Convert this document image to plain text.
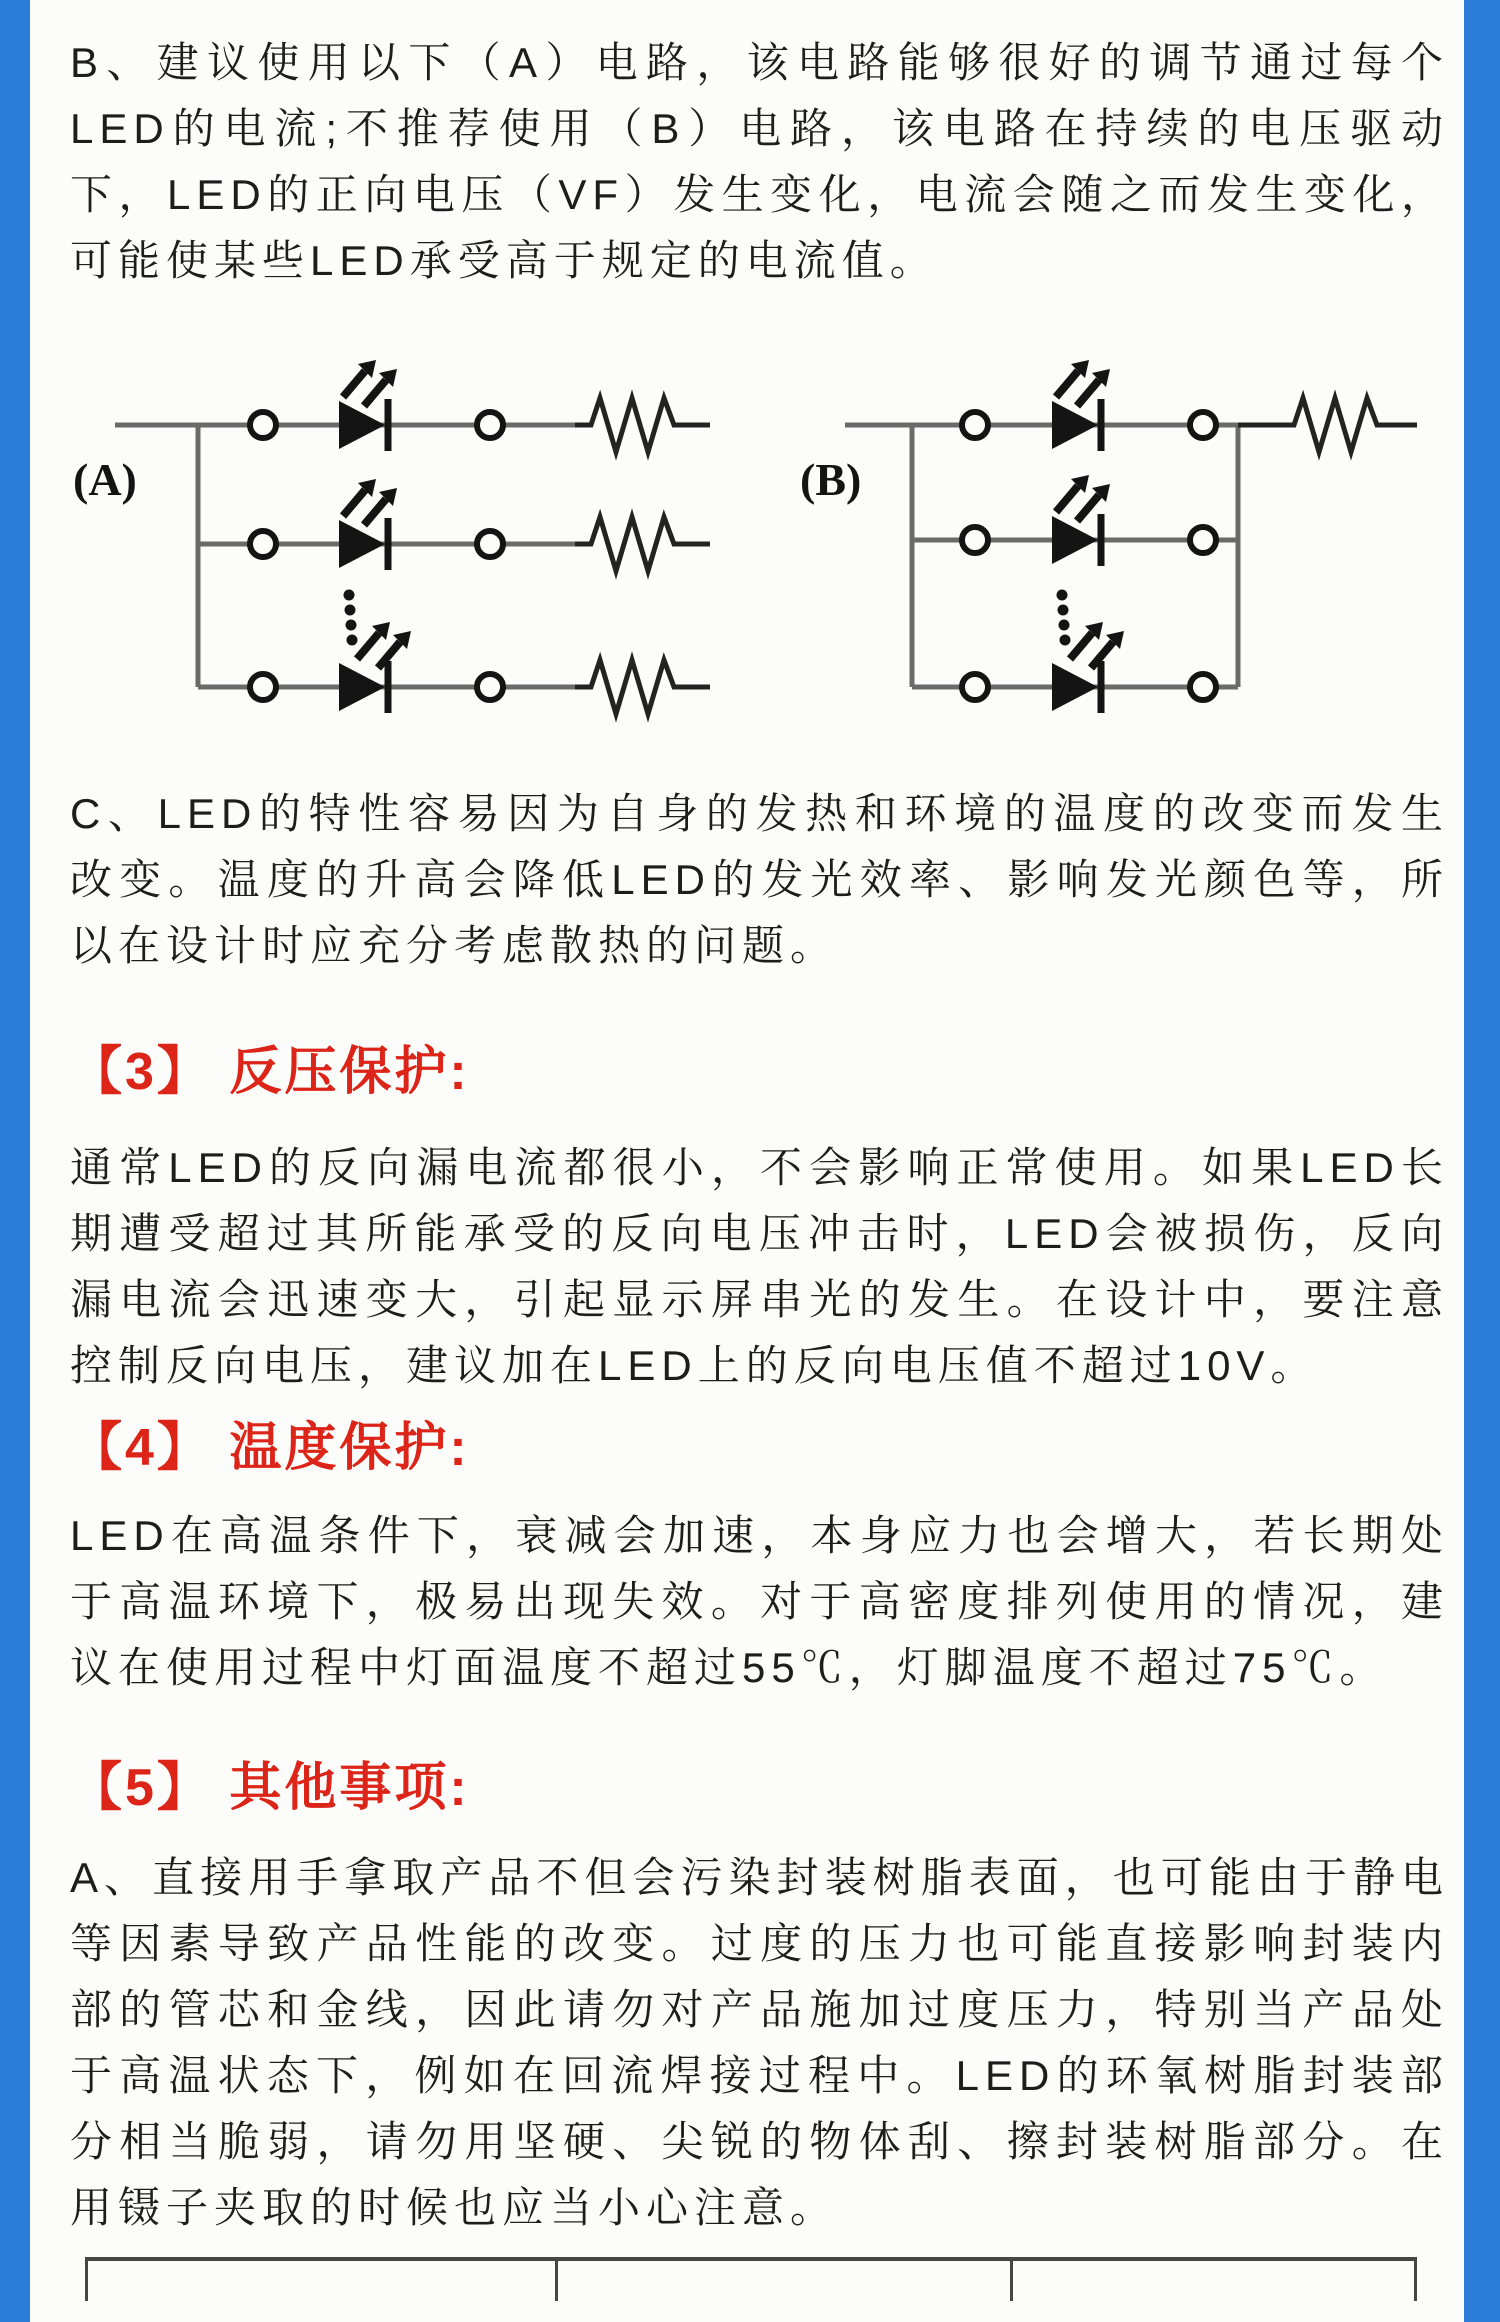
B、建议使用以下（A）电路，该电路能够很好的调节通过每个LED的电流;不推荐使用（B）电路，该电路在持续的电压驱动下，LED的正向电压（VF）发生变化，电流会随之而发生变化，可能使某些LED承受高于规定的电流值。

(A)	(B)

C、LED的特性容易因为自身的发热和环境的温度的改变而发生改变。温度的升高会降低LED的发光效率、影响发光颜色等，所以在设计时应充分考虑散热的问题。

【3】 反压保护:

通常LED的反向漏电流都很小，不会影响正常使用。如果LED长期遭受超过其所能承受的反向电压冲击时，LED会被损伤，反向漏电流会迅速变大，引起显示屏串光的发生。在设计中，要注意控制反向电压，建议加在LED上的反向电压值不超过10V。

【4】 温度保护:

LED在高温条件下，衰减会加速，本身应力也会增大，若长期处于高温环境下，极易出现失效。对于高密度排列使用的情况，建议在使用过程中灯面温度不超过55℃，灯脚温度不超过75℃。

【5】 其他事项:

A、直接用手拿取产品不但会污染封装树脂表面，也可能由于静电等因素导致产品性能的改变。过度的压力也可能直接影响封装内部的管芯和金线，因此请勿对产品施加过度压力，特别当产品处于高温状态下，例如在回流焊接过程中。LED的环氧树脂封装部分相当脆弱，请勿用坚硬、尖锐的物体刮、擦封装树脂部分。在用镊子夹取的时候也应当小心注意。
